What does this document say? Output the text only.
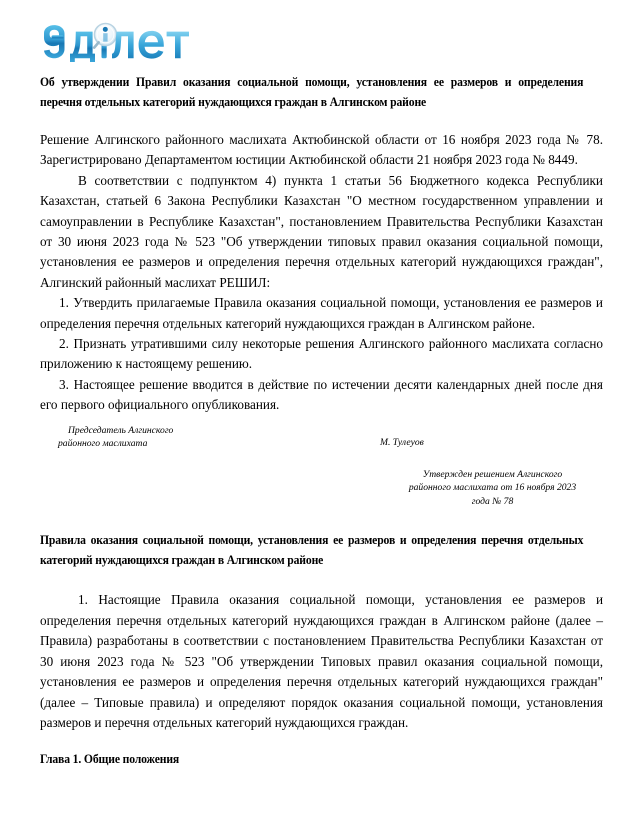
Об утверждении Правил оказания социальной помощи, установления ее размеров и определения перечня отдельных категорий нуждающихся граждан в Алгинском районе

Решение Алгинского районного маслихата Актюбинской области от 16 ноября 2023 года № 78. Зарегистрировано Департаментом юстиции Актюбинской области 21 ноября 2023 года № 8449.

В соответствии с подпунктом 4) пункта 1 статьи 56 Бюджетного кодекса Республики Казахстан, статьей 6 Закона Республики Казахстан "О местном государственном управлении и самоуправлении в Республике Казахстан", постановлением Правительства Республики Казахстан от 30 июня 2023 года № 523 "Об утверждении типовых правил оказания социальной помощи, установления ее размеров и определения перечня отдельных категорий нуждающихся граждан", Алгинский районный маслихат РЕШИЛ:

1. Утвердить прилагаемые Правила оказания социальной помощи, установления ее размеров и определения перечня отдельных категорий нуждающихся граждан в Алгинском районе.

2. Признать утратившими силу некоторые решения Алгинского районного маслихата согласно приложению к настоящему решению.

3. Настоящее решение вводится в действие по истечении десяти календарных дней после дня его первого официального опубликования.

Председатель Алгинского
районного маслихата	М. Тулеуов
Утвержден решением Алгинского
районного маслихата от 16 ноября 2023
года № 78
Правила оказания социальной помощи, установления ее размеров и определения перечня отдельных категорий нуждающихся граждан в Алгинском районе

1. Настоящие Правила оказания социальной помощи, установления ее размеров и определения перечня отдельных категорий нуждающихся граждан в Алгинском районе (далее – Правила) разработаны в соответствии с постановлением Правительства Республики Казахстан от 30 июня 2023 года № 523 "Об утверждении Типовых правил оказания социальной помощи, установления ее размеров и определения перечня отдельных категорий нуждающихся граждан" (далее – Типовые правила) и определяют порядок оказания социальной помощи, установления размеров и перечня отдельных категорий нуждающихся граждан.

Глава 1. Общие положения
